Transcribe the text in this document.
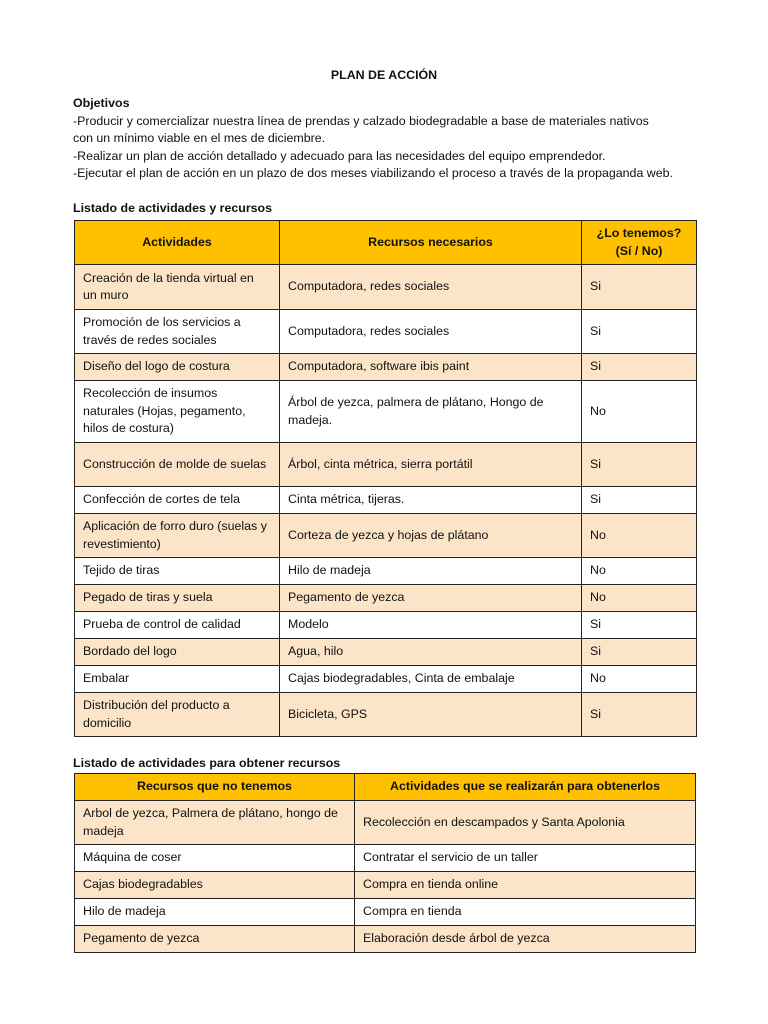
PLAN DE ACCIÓN
Objetivos
-Producir y comercializar nuestra línea de prendas y calzado biodegradable a base de materiales nativos
con un mínimo viable en el mes de diciembre.
-Realizar un plan de acción detallado y adecuado para las necesidades del equipo emprendedor.
-Ejecutar el plan de acción en un plazo de dos meses viabilizando el proceso a través de la propaganda web.
Listado de actividades y recursos
Actividades	Recursos necesarios	¿Lo tenemos?
(Sí / No)

Creación de la tienda virtual en un muro	Computadora, redes sociales	Si
Promoción de los servicios a través de redes sociales	Computadora, redes sociales	Si
Diseño del logo de costura	Computadora, software ibis paint	Si
Recolección de insumos naturales (Hojas, pegamento, hilos de costura)	Árbol de yezca, palmera de plátano, Hongo de madeja.	No
Construcción de molde de suelas	Árbol, cinta métrica, sierra portátil	Si
Confección de cortes de tela	Cinta métrica, tijeras.	Si
Aplicación de forro duro (suelas y revestimiento)	Corteza de yezca y hojas de plátano	No
Tejido de tiras	Hilo de madeja	No
Pegado de tiras y suela	Pegamento de yezca	No
Prueba de control de calidad	Modelo	Si
Bordado del logo	Agua, hilo	Si
Embalar	Cajas biodegradables, Cinta de embalaje	No
Distribución del producto a domicilio	Bicicleta, GPS	Si
Listado de actividades para obtener recursos
Recursos que no tenemos	Actividades que se realizarán para obtenerlos
Arbol de yezca, Palmera de plátano, hongo de madeja	Recolección en descampados y Santa Apolonia
Máquina de coser	Contratar el servicio de un taller
Cajas biodegradables	Compra en tienda online
Hilo de madeja	Compra en tienda
Pegamento de yezca	Elaboración desde árbol de yezca
